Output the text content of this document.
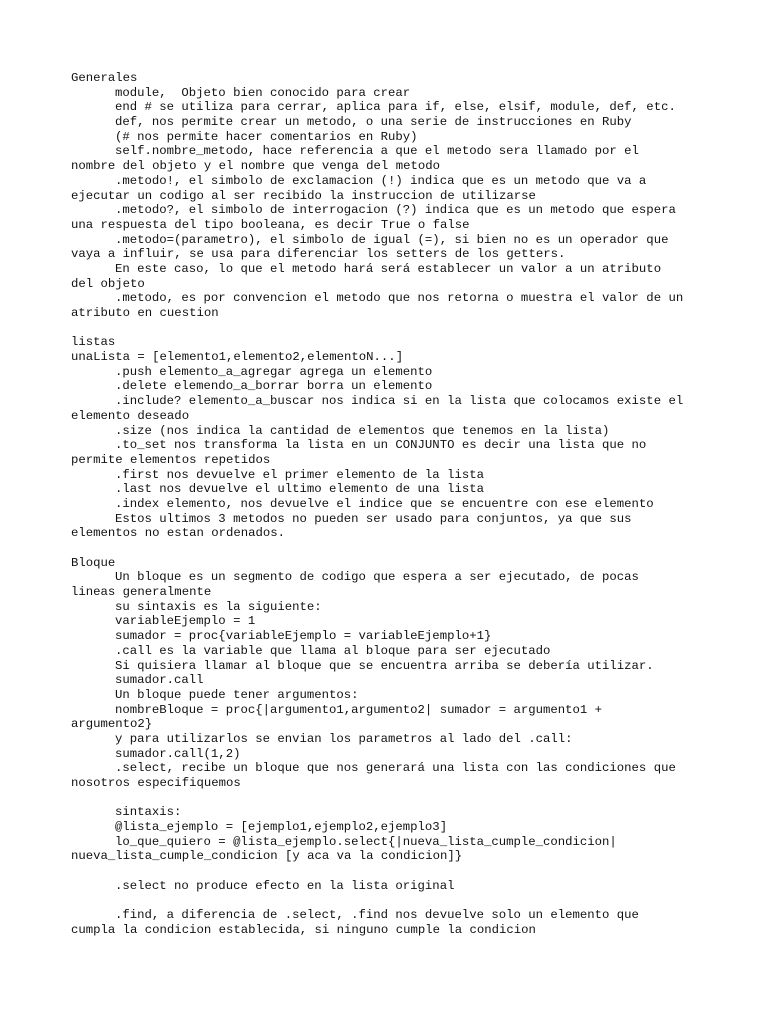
Generales
module,  Objeto bien conocido para crear
end # se utiliza para cerrar, aplica para if, else, elsif, module, def, etc.
def, nos permite crear un metodo, o una serie de instrucciones en Ruby
(# nos permite hacer comentarios en Ruby)
self.nombre_metodo, hace referencia a que el metodo sera llamado por el
nombre del objeto y el nombre que venga del metodo
.metodo!, el simbolo de exclamacion (!) indica que es un metodo que va a
ejecutar un codigo al ser recibido la instruccion de utilizarse
.metodo?, el simbolo de interrogacion (?) indica que es un metodo que espera
una respuesta del tipo booleana, es decir True o false
.metodo=(parametro), el simbolo de igual (=), si bien no es un operador que
vaya a influir, se usa para diferenciar los setters de los getters.
En este caso, lo que el metodo hará será establecer un valor a un atributo
del objeto
.metodo, es por convencion el metodo que nos retorna o muestra el valor de un
atributo en cuestion
listas
unaLista = [elemento1,elemento2,elementoN...]
.push elemento_a_agregar agrega un elemento
.delete elemendo_a_borrar borra un elemento
.include? elemento_a_buscar nos indica si en la lista que colocamos existe el
elemento deseado
.size (nos indica la cantidad de elementos que tenemos en la lista)
.to_set nos transforma la lista en un CONJUNTO es decir una lista que no
permite elementos repetidos
.first nos devuelve el primer elemento de la lista
.last nos devuelve el ultimo elemento de una lista
.index elemento, nos devuelve el indice que se encuentre con ese elemento
Estos ultimos 3 metodos no pueden ser usado para conjuntos, ya que sus
elementos no estan ordenados.
Bloque
Un bloque es un segmento de codigo que espera a ser ejecutado, de pocas
lineas generalmente
su sintaxis es la siguiente:
variableEjemplo = 1
sumador = proc{variableEjemplo = variableEjemplo+1}
.call es la variable que llama al bloque para ser ejecutado
Si quisiera llamar al bloque que se encuentra arriba se debería utilizar.
sumador.call
Un bloque puede tener argumentos:
nombreBloque = proc{|argumento1,argumento2| sumador = argumento1 +
argumento2}
y para utilizarlos se envian los parametros al lado del .call:
sumador.call(1,2)
.select, recibe un bloque que nos generará una lista con las condiciones que
nosotros especifiquemos
sintaxis:
@lista_ejemplo = [ejemplo1,ejemplo2,ejemplo3]
lo_que_quiero = @lista_ejemplo.select{|nueva_lista_cumple_condicion|
nueva_lista_cumple_condicion [y aca va la condicion]}
.select no produce efecto en la lista original
.find, a diferencia de .select, .find nos devuelve solo un elemento que
cumpla la condicion establecida, si ninguno cumple la condicion
